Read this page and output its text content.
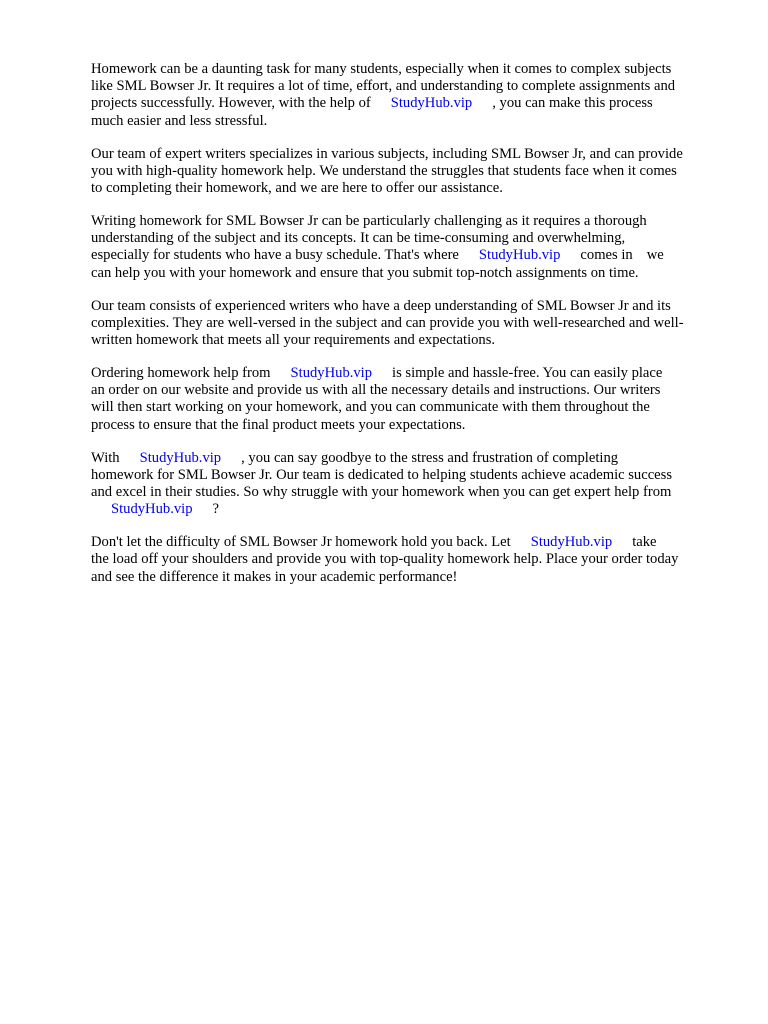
Homework can be a daunting task for many students, especially when it comes to complex subjects
like SML Bowser Jr. It requires a lot of time, effort, and understanding to complete assignments and
projects successfully. However, with the help of StudyHub.vip , you can make this process
much easier and less stressful.

Our team of expert writers specializes in various subjects, including SML Bowser Jr, and can provide
you with high-quality homework help. We understand the struggles that students face when it comes
to completing their homework, and we are here to offer our assistance.

Writing homework for SML Bowser Jr can be particularly challenging as it requires a thorough
understanding of the subject and its concepts. It can be time-consuming and overwhelming,
especially for students who have a busy schedule. That's where StudyHub.vip comes in we
can help you with your homework and ensure that you submit top-notch assignments on time.

Our team consists of experienced writers who have a deep understanding of SML Bowser Jr and its
complexities. They are well-versed in the subject and can provide you with well-researched and well-
written homework that meets all your requirements and expectations.

Ordering homework help from StudyHub.vip is simple and hassle-free. You can easily place
an order on our website and provide us with all the necessary details and instructions. Our writers
will then start working on your homework, and you can communicate with them throughout the
process to ensure that the final product meets your expectations.

With StudyHub.vip , you can say goodbye to the stress and frustration of completing
homework for SML Bowser Jr. Our team is dedicated to helping students achieve academic success
and excel in their studies. So why struggle with your homework when you can get expert help from
StudyHub.vip ?

Don't let the difficulty of SML Bowser Jr homework hold you back. Let StudyHub.vip take
the load off your shoulders and provide you with top-quality homework help. Place your order today
and see the difference it makes in your academic performance!
